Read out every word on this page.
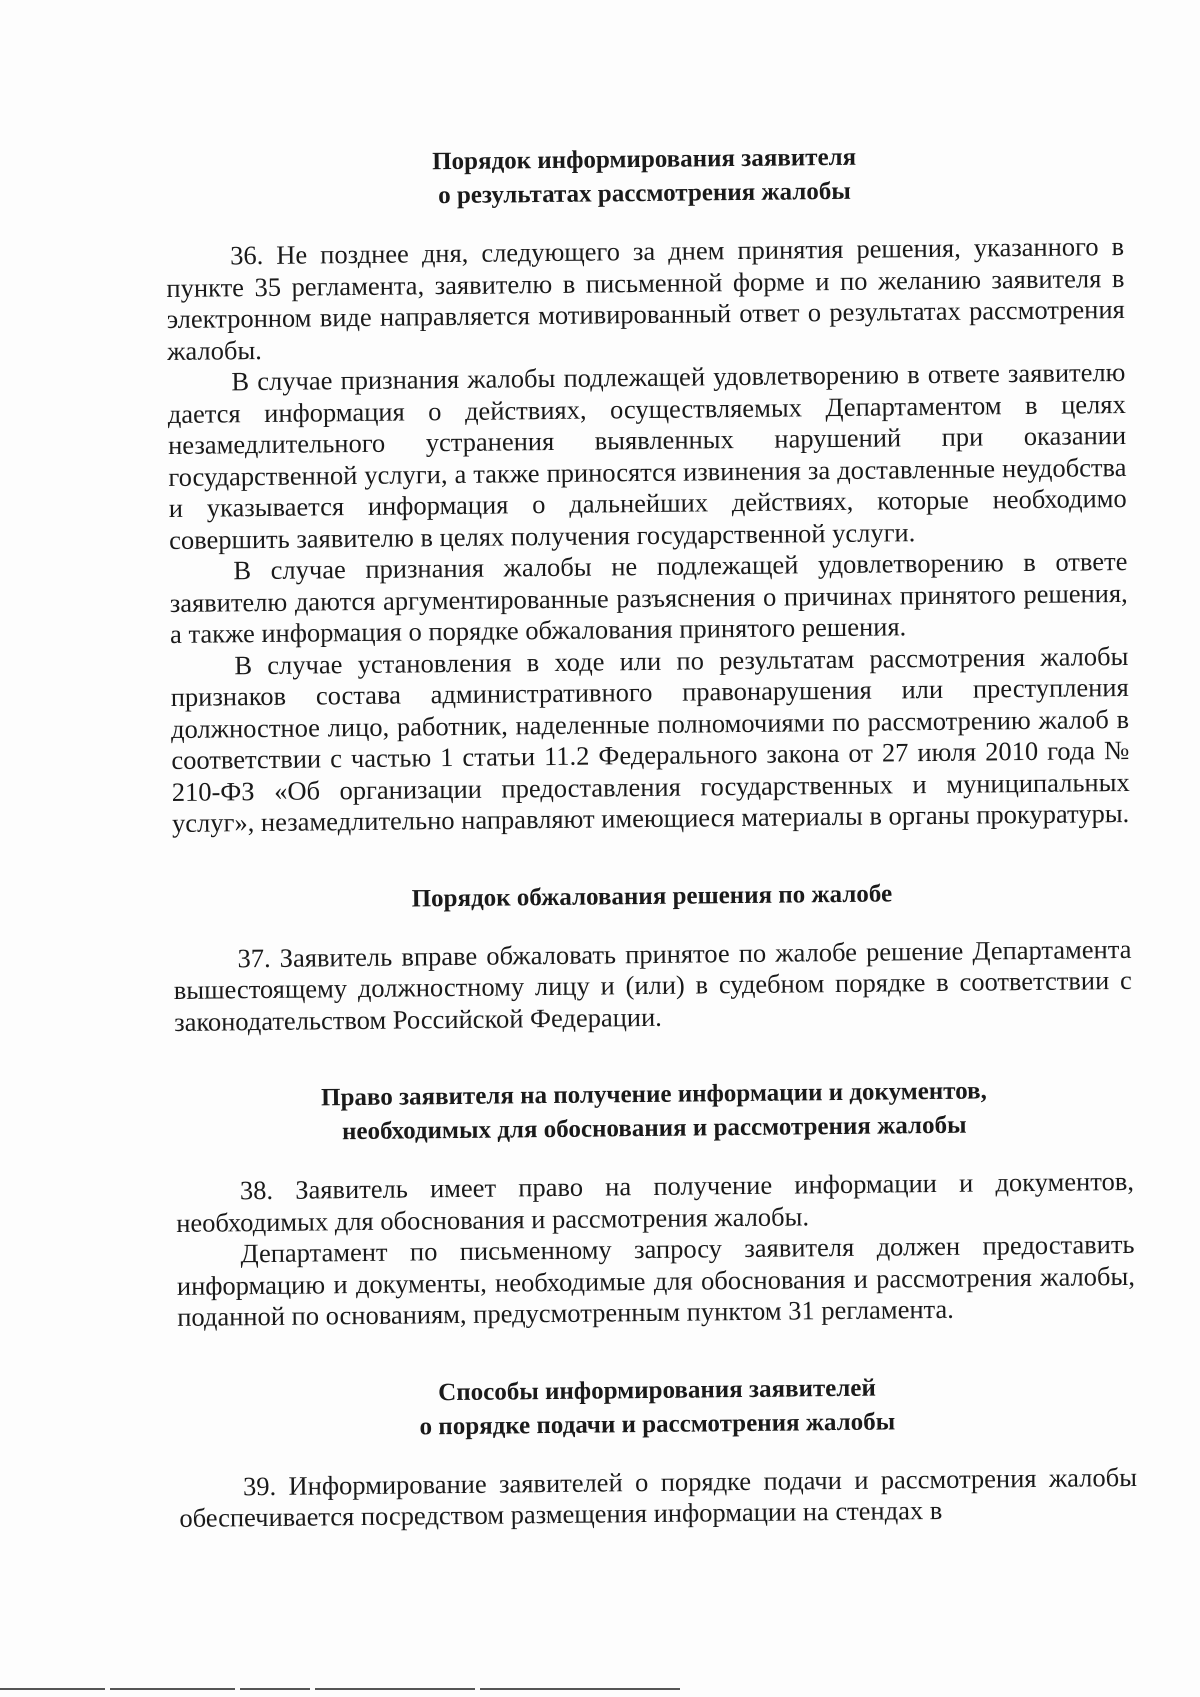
Порядок информирования заявителя
о результатах рассмотрения жалобы

36. Не позднее дня, следующего за днем принятия решения, указанного в пункте 35 регламента, заявителю в письменной форме и по желанию заявителя в электронном виде направляется мотивированный ответ о результатах рассмотрения жалобы.

В случае признания жалобы подлежащей удовлетворению в ответе заявителю дается информация о действиях, осуществляемых Департаментом в целях незамедлительного устранения выявленных нарушений при оказании государственной услуги, а также приносятся извинения за доставленные неудобства и указывается информация о дальнейших действиях, которые необходимо совершить заявителю в целях получения государственной услуги.

В случае признания жалобы не подлежащей удовлетворению в ответе заявителю даются аргументированные разъяснения о причинах принятого решения, а также информация о порядке обжалования принятого решения.

В случае установления в ходе или по результатам рассмотрения жалобы признаков состава административного правонарушения или преступления должностное лицо, работник, наделенные полномочиями по рассмотрению жалоб в соответствии с частью 1 статьи 11.2 Федерального закона от 27 июля 2010 года № 210-ФЗ «Об организации предоставления государственных и муниципальных услуг», незамедлительно направляют имеющиеся материалы в органы прокуратуры.

Порядок обжалования решения по жалобе

37. Заявитель вправе обжаловать принятое по жалобе решение Департамента вышестоящему должностному лицу и (или) в судебном порядке в соответствии с законодательством Российской Федерации.

Право заявителя на получение информации и документов,
необходимых для обоснования и рассмотрения жалобы

38. Заявитель имеет право на получение информации и документов, необходимых для обоснования и рассмотрения жалобы.

Департамент по письменному запросу заявителя должен предоставить информацию и документы, необходимые для обоснования и рассмотрения жалобы, поданной по основаниям, предусмотренным пунктом 31 регламента.

Способы информирования заявителей
о порядке подачи и рассмотрения жалобы

39. Информирование заявителей о порядке подачи и рассмотрения жалобы обеспечивается посредством размещения информации на стендах в
